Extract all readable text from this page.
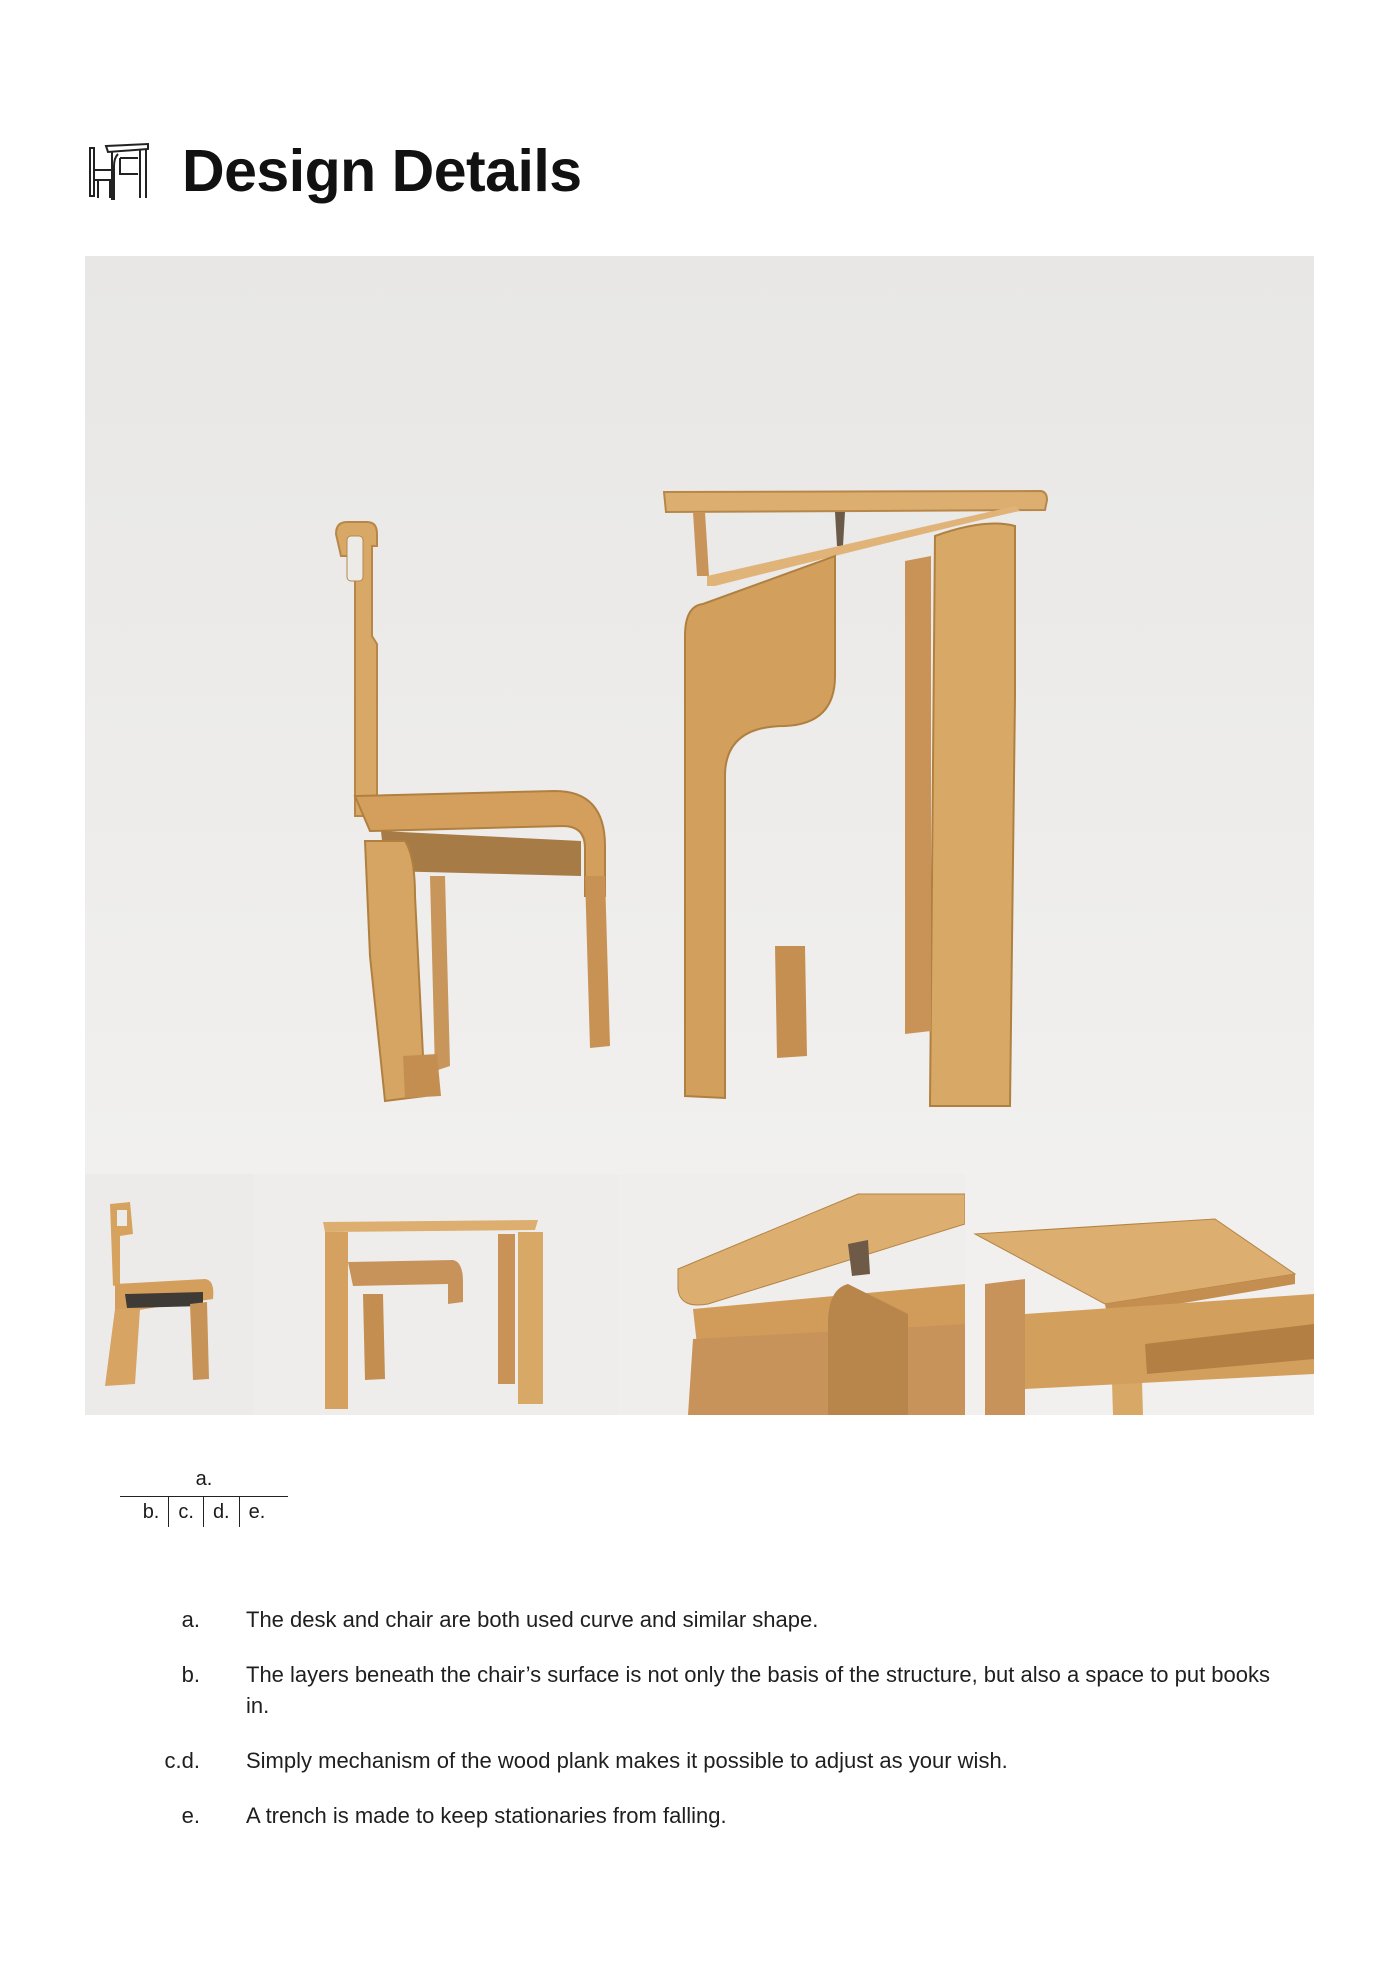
Design Details
a.
b. c. d. e.
a. The desk and chair are both used curve and similar shape.
b. The layers beneath the chair’s surface is not only the basis of the structure, but also a space to put books in.
c.d. Simply mechanism of the wood plank makes it possible to adjust as your wish.
e. A trench is made to keep stationaries from falling.
